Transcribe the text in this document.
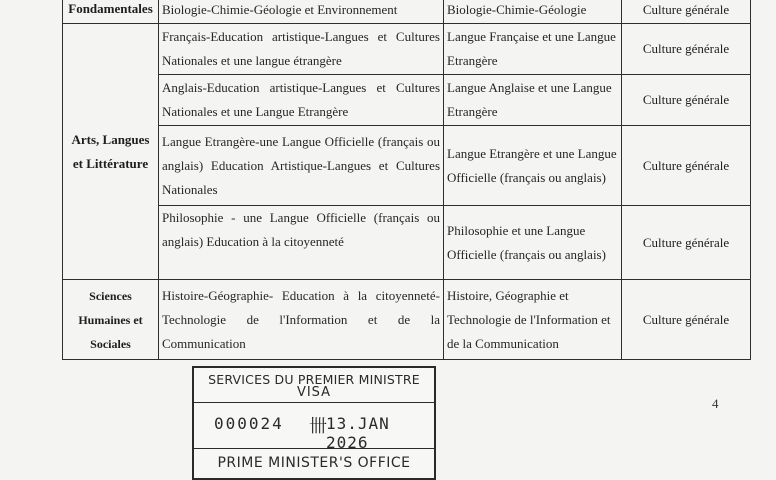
Fondamentales	Biologie-Chimie-Géologie et Environnement	Biologie-Chimie-Géologie	Culture générale
Arts, Langues et Littérature	Français-Education artistique-Langues et Cultures Nationales et une langue étrangère	Langue Française et une Langue Etrangère	Culture générale
	Anglais-Education artistique-Langues et Cultures Nationales et une Langue Etrangère	Langue Anglaise et une Langue Etrangère	Culture générale
	Langue Etrangère-une Langue Officielle (français ou anglais) Education Artistique-Langues et Cultures Nationales	Langue Etrangère et une Langue Officielle (français ou anglais)	Culture générale
	Philosophie - une Langue Officielle (français ou anglais) Education à la citoyenneté	Philosophie et une Langue Officielle (français ou anglais)	Culture générale
Sciences Humaines et Sociales	Histoire-Géographie- Education à la citoyenneté-Technologie de l'Information et de la Communication	Histoire, Géographie et Technologie de l'Information et de la Communication	Culture générale
SERVICES DU PREMIER MINISTRE
VISA
000024 卌 13.JAN 2026
PRIME MINISTER'S OFFICE
4
